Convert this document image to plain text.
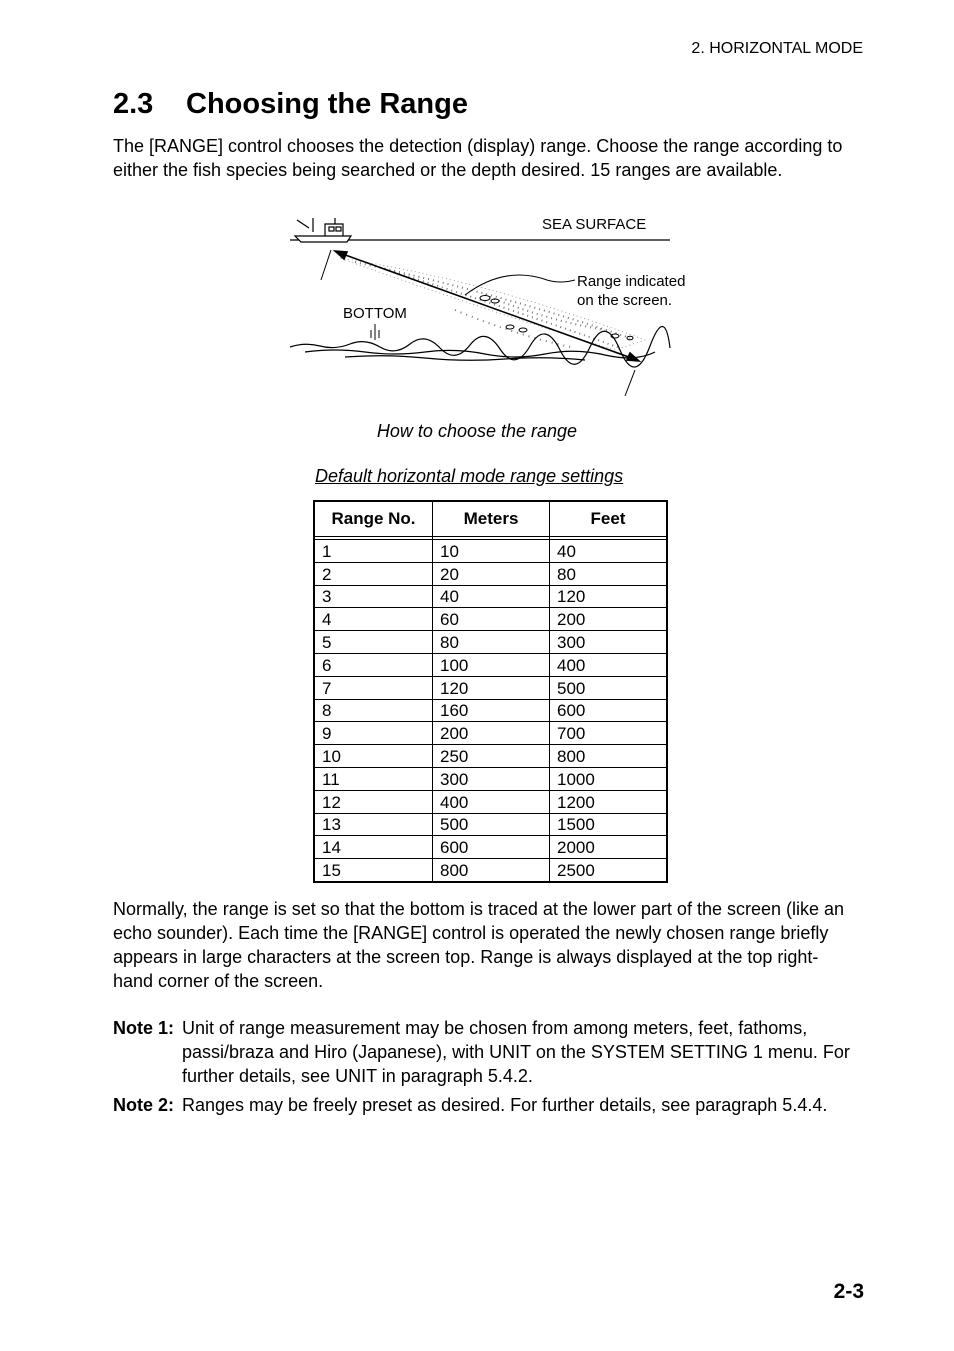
2. HORIZONTAL MODE
2.3 Choosing the Range

The [RANGE] control chooses the detection (display) range. Choose the range according to either the fish species being searched or the depth desired. 15 ranges are available.

SEA SURFACE
Range indicated
on the screen.
BOTTOM
How to choose the range
Default horizontal mode range settings
Range No.	Meters	Feet

1	10	40
2	20	80
3	40	120
4	60	200
5	80	300
6	100	400
7	120	500
8	160	600
9	200	700
10	250	800
11	300	1000
12	400	1200
13	500	1500
14	600	2000
15	800	2500

Normally, the range is set so that the bottom is traced at the lower part of the screen (like an echo sounder). Each time the [RANGE] control is operated the newly chosen range briefly appears in large characters at the screen top. Range is always displayed at the top right-hand corner of the screen.

Note 1: Unit of range measurement may be chosen from among meters, feet, fathoms, passi/braza and Hiro (Japanese), with UNIT on the SYSTEM SETTING 1 menu. For further details, see UNIT in paragraph 5.4.2.
Note 2: Ranges may be freely preset as desired. For further details, see paragraph 5.4.4.
2-3
